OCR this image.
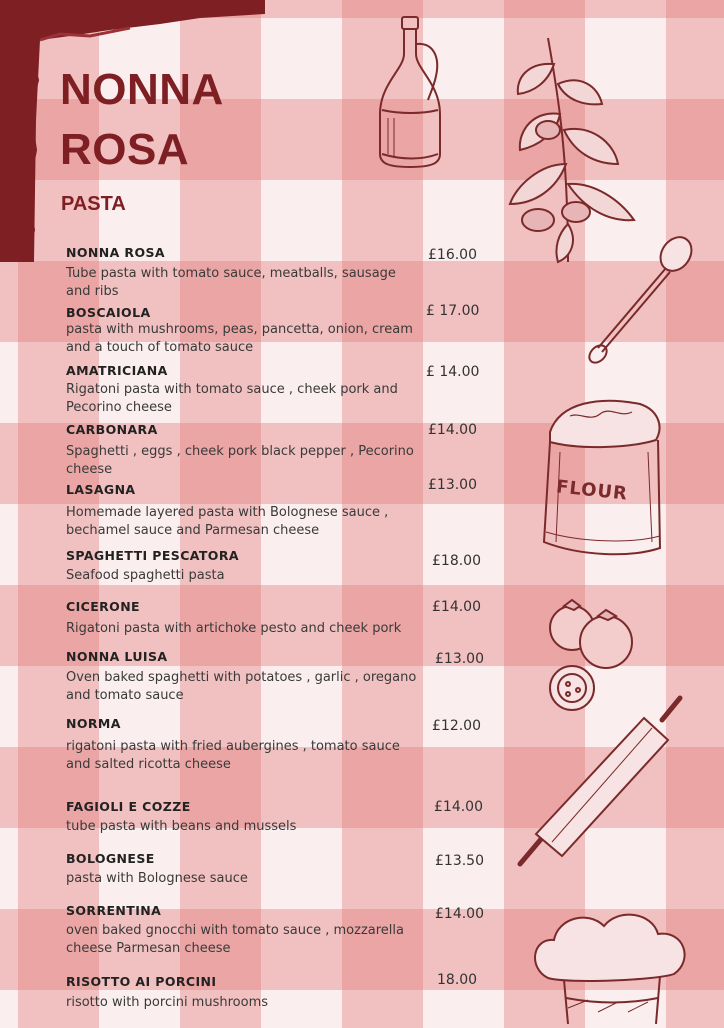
NONNA
ROSA
PASTA
NONNA ROSA
Tube pasta with tomato sauce, meatballs, sausage and ribs
£16.00
BOSCAIOLA
pasta with mushrooms, peas, pancetta, onion, cream and a touch of tomato sauce
£ 17.00
AMATRICIANA
Rigatoni pasta with tomato sauce , cheek pork and Pecorino cheese
£ 14.00
CARBONARA
Spaghetti , eggs , cheek pork black pepper , Pecorino cheese
£14.00
LASAGNA
Homemade layered pasta with Bolognese sauce , bechamel sauce and Parmesan cheese
£13.00
SPAGHETTI PESCATORA
Seafood spaghetti pasta
£18.00
CICERONE
Rigatoni pasta with artichoke pesto and cheek pork
£14.00
NONNA LUISA
Oven baked spaghetti with potatoes , garlic , oregano and tomato sauce
£13.00
NORMA
rigatoni pasta with fried aubergines , tomato sauce and salted ricotta cheese
£12.00
FAGIOLI E COZZE
tube pasta with beans and mussels
£14.00
BOLOGNESE
pasta with Bolognese sauce
£13.50
SORRENTINA
oven baked gnocchi with tomato sauce , mozzarella cheese Parmesan cheese
£14.00
RISOTTO AI PORCINI
risotto with porcini mushrooms
18.00
FLOUR
